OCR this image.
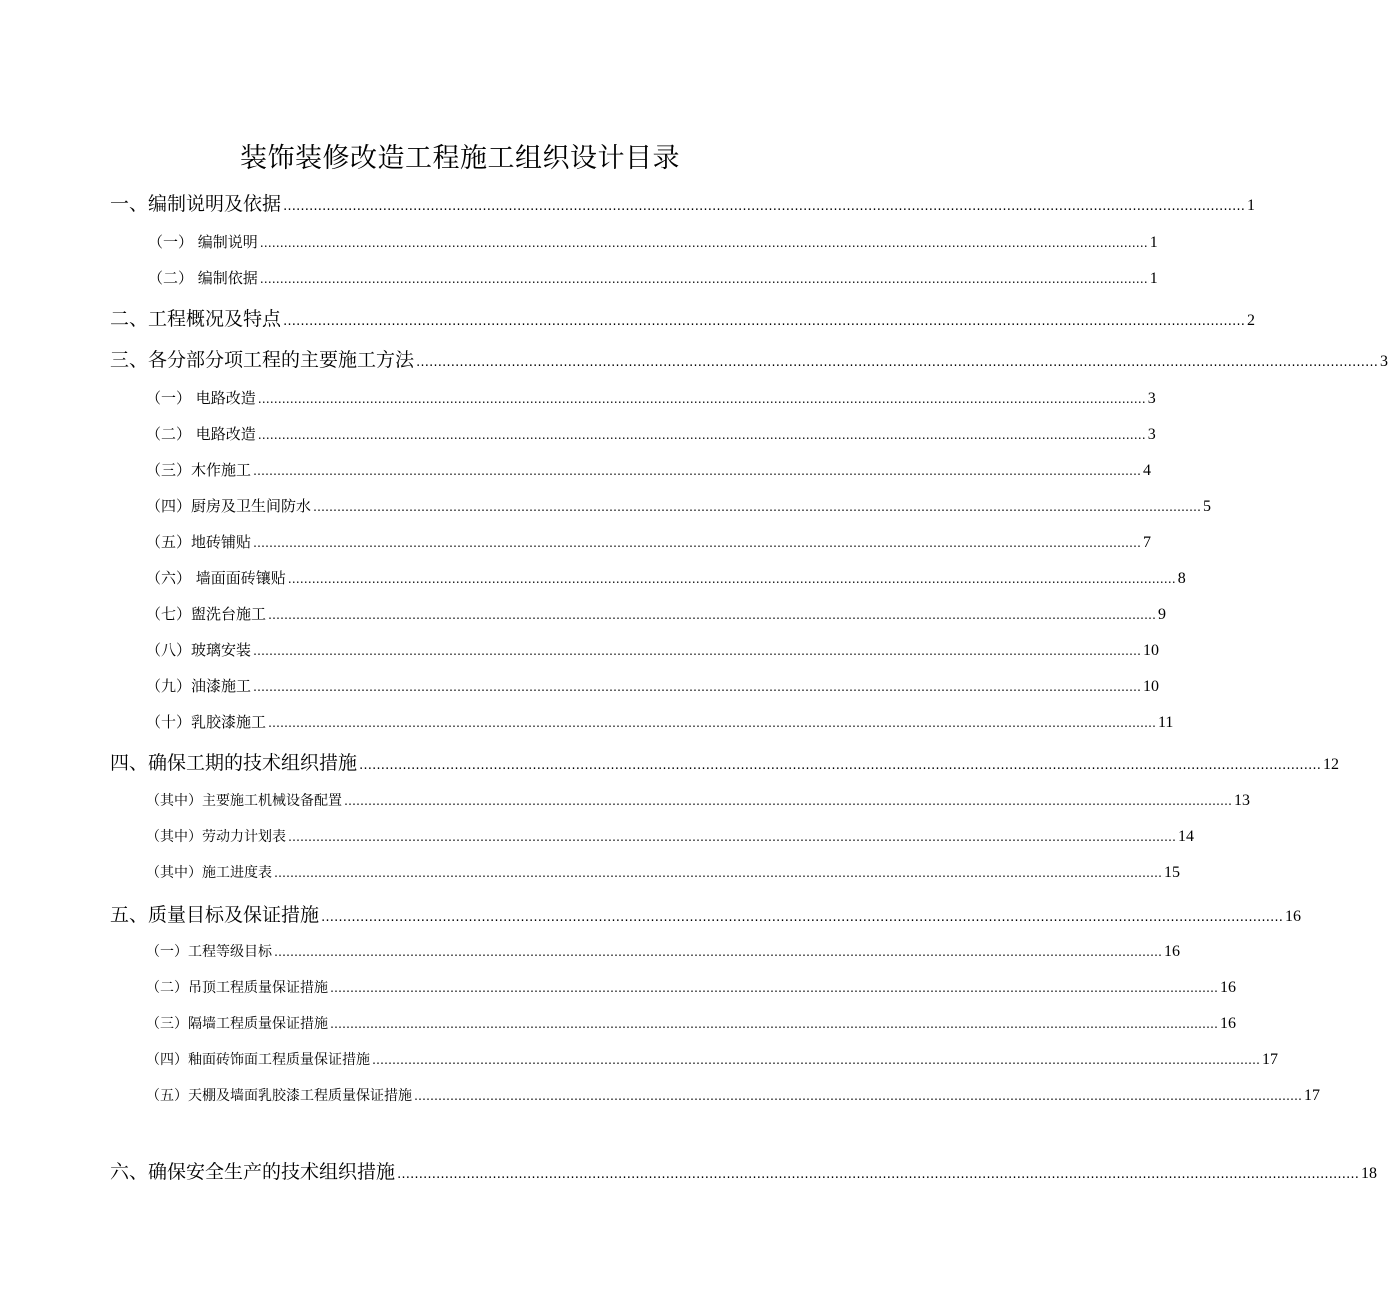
装饰装修改造工程施工组织设计目录
一、编制说明及依据 …………………………………………………………………………………………………………………………………………………………………………………………………… 1
（一） 编制说明 …………………………………………………………………………………………………………………………………………………………………………………………………… 1
（二） 编制依据 …………………………………………………………………………………………………………………………………………………………………………………………………… 1
二、工程概况及特点 …………………………………………………………………………………………………………………………………………………………………………………………………… 2
三、各分部分项工程的主要施工方法 …………………………………………………………………………………………………………………………………………………………………………………………………… 3
（一） 电路改造 …………………………………………………………………………………………………………………………………………………………………………………………………… 3
（二） 电路改造 …………………………………………………………………………………………………………………………………………………………………………………………………… 3
（三）木作施工 …………………………………………………………………………………………………………………………………………………………………………………………………… 4
（四）厨房及卫生间防水 …………………………………………………………………………………………………………………………………………………………………………………………………… 5
（五）地砖铺贴 …………………………………………………………………………………………………………………………………………………………………………………………………… 7
（六） 墙面面砖镶贴 …………………………………………………………………………………………………………………………………………………………………………………………………… 8
（七）盥洗台施工 …………………………………………………………………………………………………………………………………………………………………………………………………… 9
（八）玻璃安装 …………………………………………………………………………………………………………………………………………………………………………………………………… 10
（九）油漆施工 …………………………………………………………………………………………………………………………………………………………………………………………………… 10
（十）乳胶漆施工 …………………………………………………………………………………………………………………………………………………………………………………………………… 11
四、确保工期的技术组织措施 …………………………………………………………………………………………………………………………………………………………………………………………………… 12
（其中）主要施工机械设备配置 …………………………………………………………………………………………………………………………………………………………………………………………………… 13
（其中）劳动力计划表 …………………………………………………………………………………………………………………………………………………………………………………………………… 14
（其中）施工进度表 …………………………………………………………………………………………………………………………………………………………………………………………………… 15
五、质量目标及保证措施 …………………………………………………………………………………………………………………………………………………………………………………………………… 16
（一）工程等级目标 …………………………………………………………………………………………………………………………………………………………………………………………………… 16
（二）吊顶工程质量保证措施 …………………………………………………………………………………………………………………………………………………………………………………………………… 16
（三）隔墙工程质量保证措施 …………………………………………………………………………………………………………………………………………………………………………………………………… 16
（四）釉面砖饰面工程质量保证措施 …………………………………………………………………………………………………………………………………………………………………………………………………… 17
（五）天棚及墙面乳胶漆工程质量保证措施 …………………………………………………………………………………………………………………………………………………………………………………………………… 17
六、确保安全生产的技术组织措施 …………………………………………………………………………………………………………………………………………………………………………………………………… 18
